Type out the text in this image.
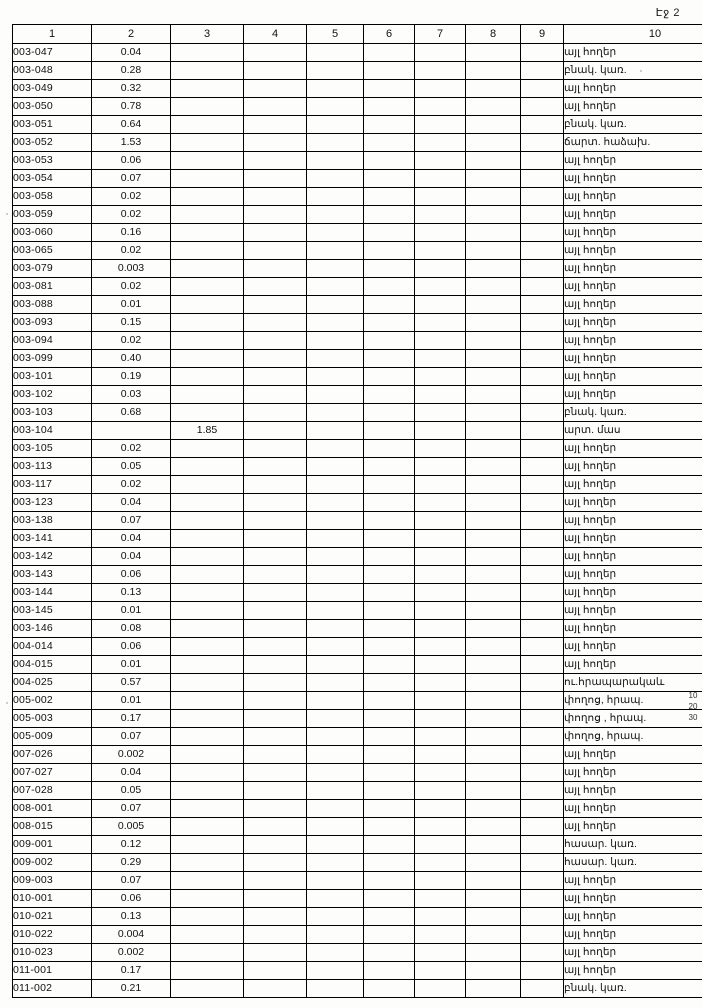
Էջ 2
1	2	3	4	5	6	7	8	9	10
003-047	0.04								այլ հողեր
003-048	0.28								բնակ. կառ.
003-049	0.32								այլ հողեր
003-050	0.78								այլ հողեր
003-051	0.64								բնակ. կառ.
003-052	1.53								ճարտ. հաձախ.
003-053	0.06								այլ հողեր
003-054	0.07								այլ հողեր
003-058	0.02								այլ հողեր
003-059	0.02								այլ հողեր
003-060	0.16								այլ հողեր
003-065	0.02								այլ հողեր
003-079	0.003								այլ հողեր
003-081	0.02								այլ հողեր
003-088	0.01								այլ հողեր
003-093	0.15								այլ հողեր
003-094	0.02								այլ հողեր
003-099	0.40								այլ հողեր
003-101	0.19								այլ հողեր
003-102	0.03								այլ հողեր
003-103	0.68								բնակ. կառ.
003-104		1.85							արտ. մաս
003-105	0.02								այլ հողեր
003-113	0.05								այլ հողեր
003-117	0.02								այլ հողեր
003-123	0.04								այլ հողեր
003-138	0.07								այլ հողեր
003-141	0.04								այլ հողեր
003-142	0.04								այլ հողեր
003-143	0.06								այլ հողեր
003-144	0.13								այլ հողեր
003-145	0.01								այլ հողեր
003-146	0.08								այլ հողեր
004-014	0.06								այլ հողեր
004-015	0.01								այլ հողեր
004-025	0.57								ու.հրապարակաև
005-002	0.01								փողոց, հրապ.
005-003	0.17								փողոց , հրապ.
005-009	0.07								փողոց, հրապ.
007-026	0.002								այլ հողեր
007-027	0.04								այլ հողեր
007-028	0.05								այլ հողեր
008-001	0.07								այլ հողեր
008-015	0.005								այլ հողեր
009-001	0.12								հասար. կառ.
009-002	0.29								հասար. կառ.
009-003	0.07								այլ հողեր
010-001	0.06								այլ հողեր
010-021	0.13								այլ հողեր
010-022	0.004								այլ հողեր
010-023	0.002								այլ հողեր
011-001	0.17								այլ հողեր
011-002	0.21								բնակ. կառ.
10
20
30
